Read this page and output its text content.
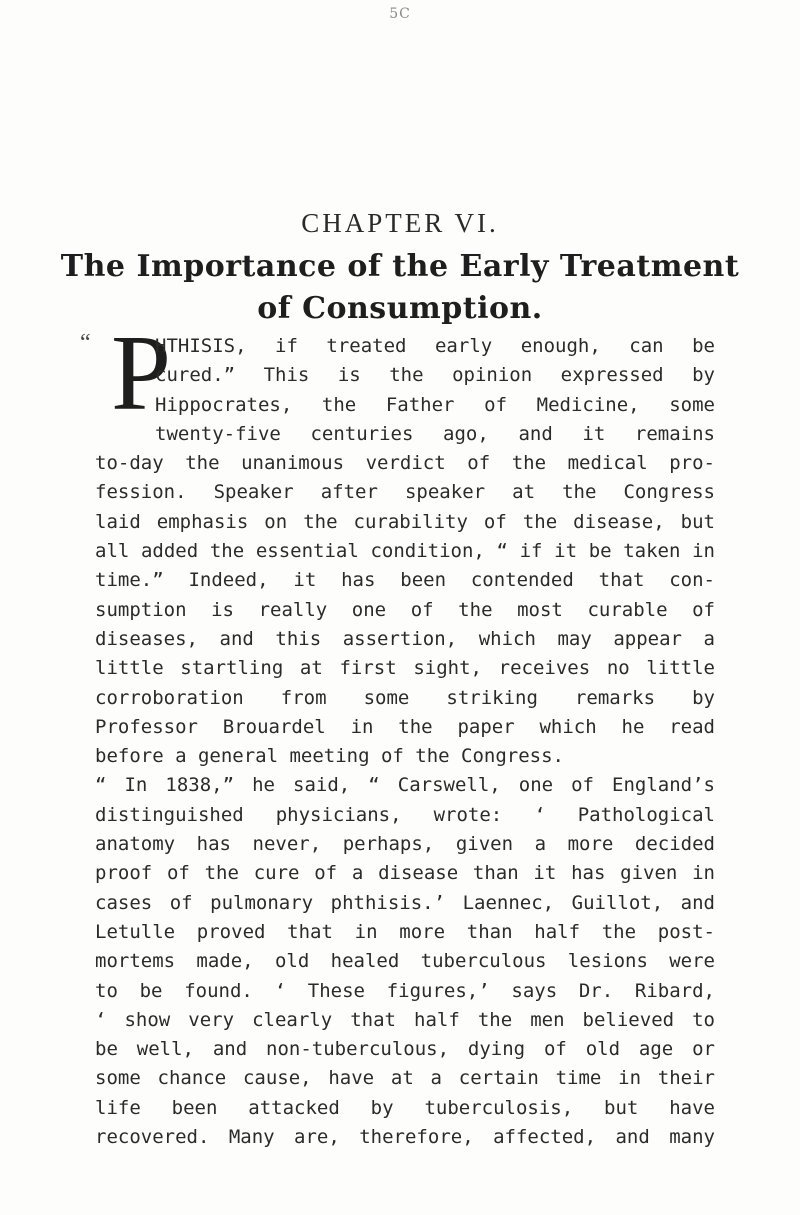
5C
CHAPTER VI.
The Importance of the Early Treatment
of Consumption.
“ P
HTHISIS, if treated early enough, can be
cured.” This is the opinion expressed by
Hippocrates, the Father of Medicine, some
twenty-five centuries ago, and it remains
to-day the unanimous verdict of the medical pro-
fession. Speaker after speaker at the Congress
laid emphasis on the curability of the disease, but
all added the essential condition, “ if it be taken in
time.” Indeed, it has been contended that con-
sumption is really one of the most curable of
diseases, and this assertion, which may appear a
little startling at first sight, receives no little
corroboration from some striking remarks by
Professor Brouardel in the paper which he read
before a general meeting of the Congress.
“ In 1838,” he said, “ Carswell, one of England’s
distinguished physicians, wrote: ‘ Pathological
anatomy has never, perhaps, given a more decided
proof of the cure of a disease than it has given in
cases of pulmonary phthisis.’ Laennec, Guillot, and
Letulle proved that in more than half the post-
mortems made, old healed tuberculous lesions were
to be found. ‘ These figures,’ says Dr. Ribard,
‘ show very clearly that half the men believed to
be well, and non-tuberculous, dying of old age or
some chance cause, have at a certain time in their
life been attacked by tuberculosis, but have
recovered. Many are, therefore, affected, and many
